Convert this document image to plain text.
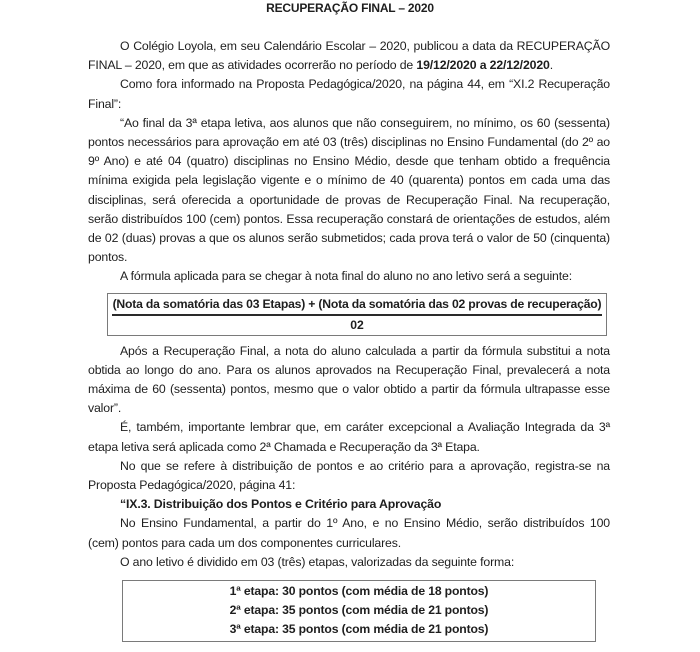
RECUPERAÇÃO FINAL – 2020

O Colégio Loyola, em seu Calendário Escolar – 2020, publicou a data da RECUPERAÇÃO FINAL – 2020, em que as atividades ocorrerão no período de 19/12/2020 a 22/12/2020.

Como fora informado na Proposta Pedagógica/2020, na página 44, em “XI.2 Recuperação Final”:

“Ao final da 3ª etapa letiva, aos alunos que não conseguirem, no mínimo, os 60 (sessenta) pontos necessários para aprovação em até 03 (três) disciplinas no Ensino Fundamental (do 2º ao 9º Ano) e até 04 (quatro) disciplinas no Ensino Médio, desde que tenham obtido a frequência mínima exigida pela legislação vigente e o mínimo de 40 (quarenta) pontos em cada uma das disciplinas, será oferecida a oportunidade de provas de Recuperação Final. Na recuperação, serão distribuídos 100 (cem) pontos. Essa recuperação constará de orientações de estudos, além de 02 (duas) provas a que os alunos serão submetidos; cada prova terá o valor de 50 (cinquenta) pontos.

A fórmula aplicada para se chegar à nota final do aluno no ano letivo será a seguinte:

(Nota da somatória das 03 Etapas) + (Nota da somatória das 02 provas de recuperação)
02

Após a Recuperação Final, a nota do aluno calculada a partir da fórmula substitui a nota obtida ao longo do ano. Para os alunos aprovados na Recuperação Final, prevalecerá a nota máxima de 60 (sessenta) pontos, mesmo que o valor obtido a partir da fórmula ultrapasse esse valor”.

É, também, importante lembrar que, em caráter excepcional a Avaliação Integrada da 3ª etapa letiva será aplicada como 2ª Chamada e Recuperação da 3ª Etapa.

No que se refere à distribuição de pontos e ao critério para a aprovação, registra-se na Proposta Pedagógica/2020, página 41:

“IX.3. Distribuição dos Pontos e Critério para Aprovação

No Ensino Fundamental, a partir do 1º Ano, e no Ensino Médio, serão distribuídos 100 (cem) pontos para cada um dos componentes curriculares.

O ano letivo é dividido em 03 (três) etapas, valorizadas da seguinte forma:

1ª etapa: 30 pontos (com média de 18 pontos)
2ª etapa: 35 pontos (com média de 21 pontos)
3ª etapa: 35 pontos (com média de 21 pontos)
